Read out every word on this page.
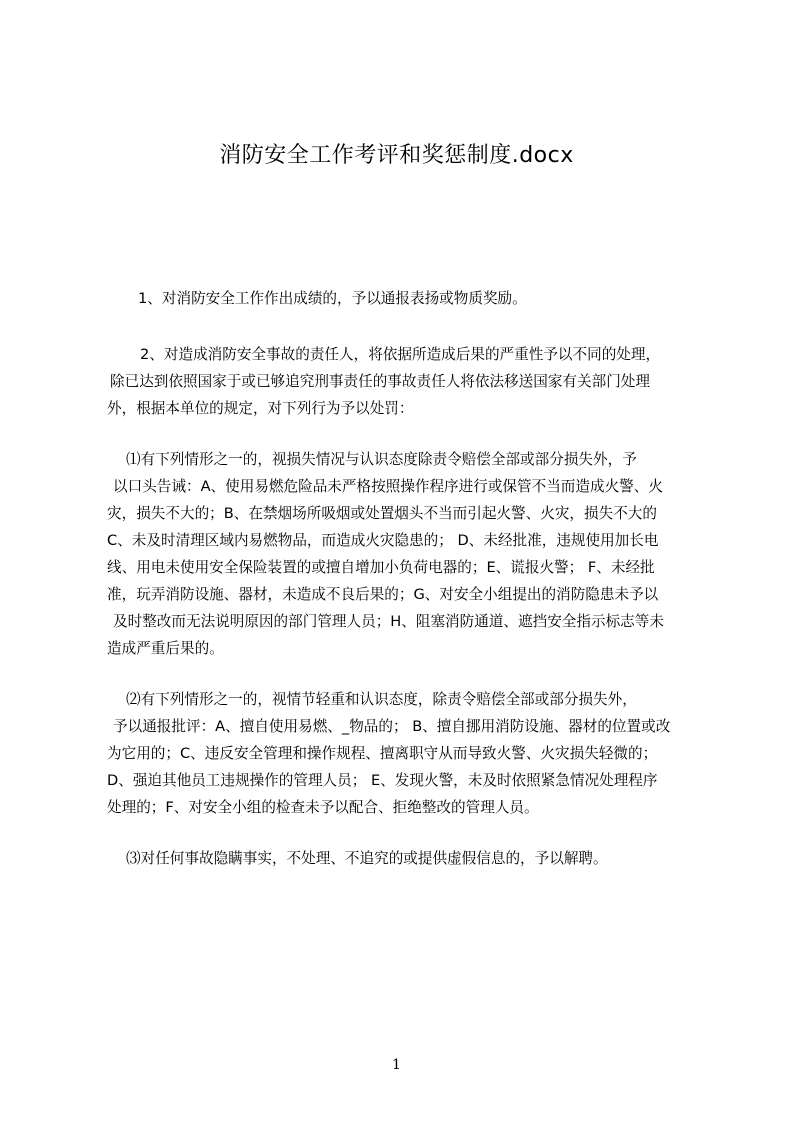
消防安全工作考评和奖惩制度.docx
1、对消防安全工作作出成绩的，予以通报表扬或物质奖励。
2、对造成消防安全事故的责任人，将依据所造成后果的严重性予以不同的处理，
除已达到依照国家于或已够追究刑事责任的事故责任人将依法移送国家有关部门处理
外，根据本单位的规定，对下列行为予以处罚：
⑴有下列情形之一的，视损失情况与认识态度除责令赔偿全部或部分损失外，予
以口头告诫：A、使用易燃危险品未严格按照操作程序进行或保管不当而造成火警、火
灾，损失不大的；B、在禁烟场所吸烟或处置烟头不当而引起火警、火灾，损失不大的
C、未及时清理区域内易燃物品，而造成火灾隐患的； D、未经批准，违规使用加长电
线、用电未使用安全保险装置的或擅自增加小负荷电器的；E、谎报火警； F、未经批
准，玩弄消防设施、器材，未造成不良后果的；G、对安全小组提出的消防隐患未予以
及时整改而无法说明原因的部门管理人员；H、阻塞消防通道、遮挡安全指示标志等未
造成严重后果的。
⑵有下列情形之一的，视情节轻重和认识态度，除责令赔偿全部或部分损失外，
予以通报批评：A、擅自使用易燃、_物品的； B、擅自挪用消防设施、器材的位置或改
为它用的；C、违反安全管理和操作规程、擅离职守从而导致火警、火灾损失轻微的；
D、强迫其他员工违规操作的管理人员； E、发现火警，未及时依照紧急情况处理程序
处理的；F、对安全小组的检查未予以配合、拒绝整改的管理人员。
⑶对任何事故隐瞒事实，不处理、不追究的或提供虚假信息的，予以解聘。
1
